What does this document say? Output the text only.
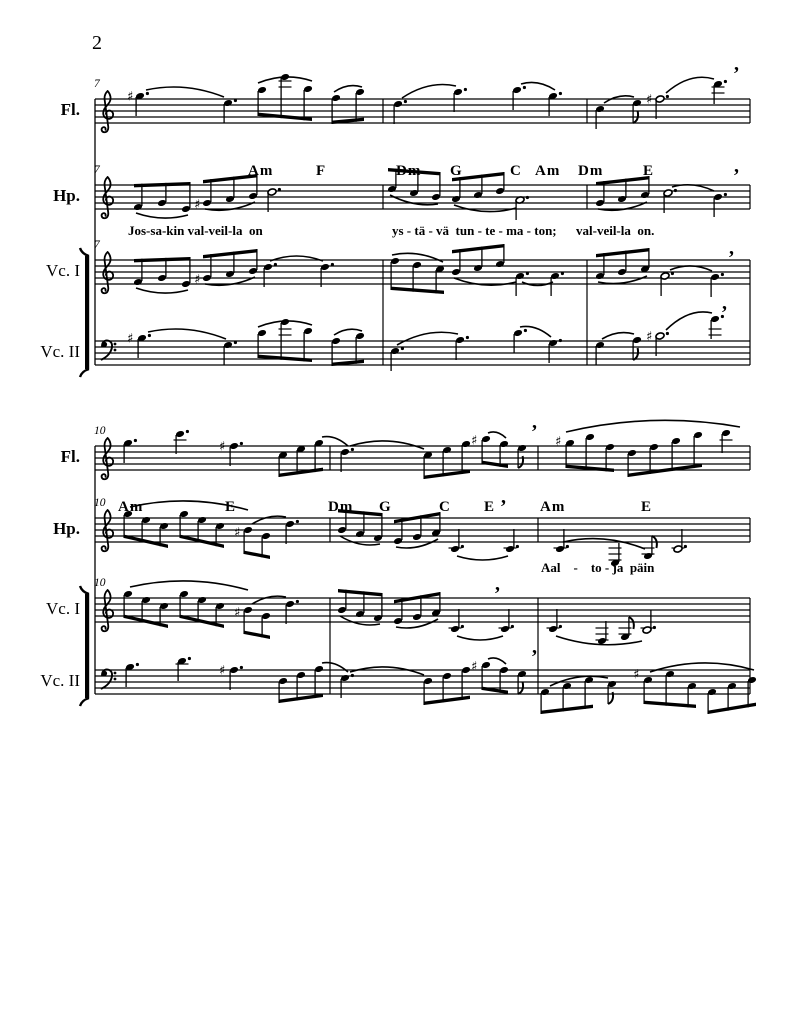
2
♯	♯
♯
♯
♯	♯
♯	♯	♯
♯
♯
♯	♯
♯
Fl.
7
Hp.
7	Am	F	Dm G	C Am Dm	E
Jos-sa-kin val-veil-la  on	ys - tä - vä  tun - te - ma - ton; val-veil-la  on.
Vc. I
7
Vc. II
Fl.
10
Hp.
10 Am	E	Dm G	C E	Am	E
Aal    -    to - ja  päin
Vc. I
10
Vc. II
’
’
’
’
’
’
’
’
